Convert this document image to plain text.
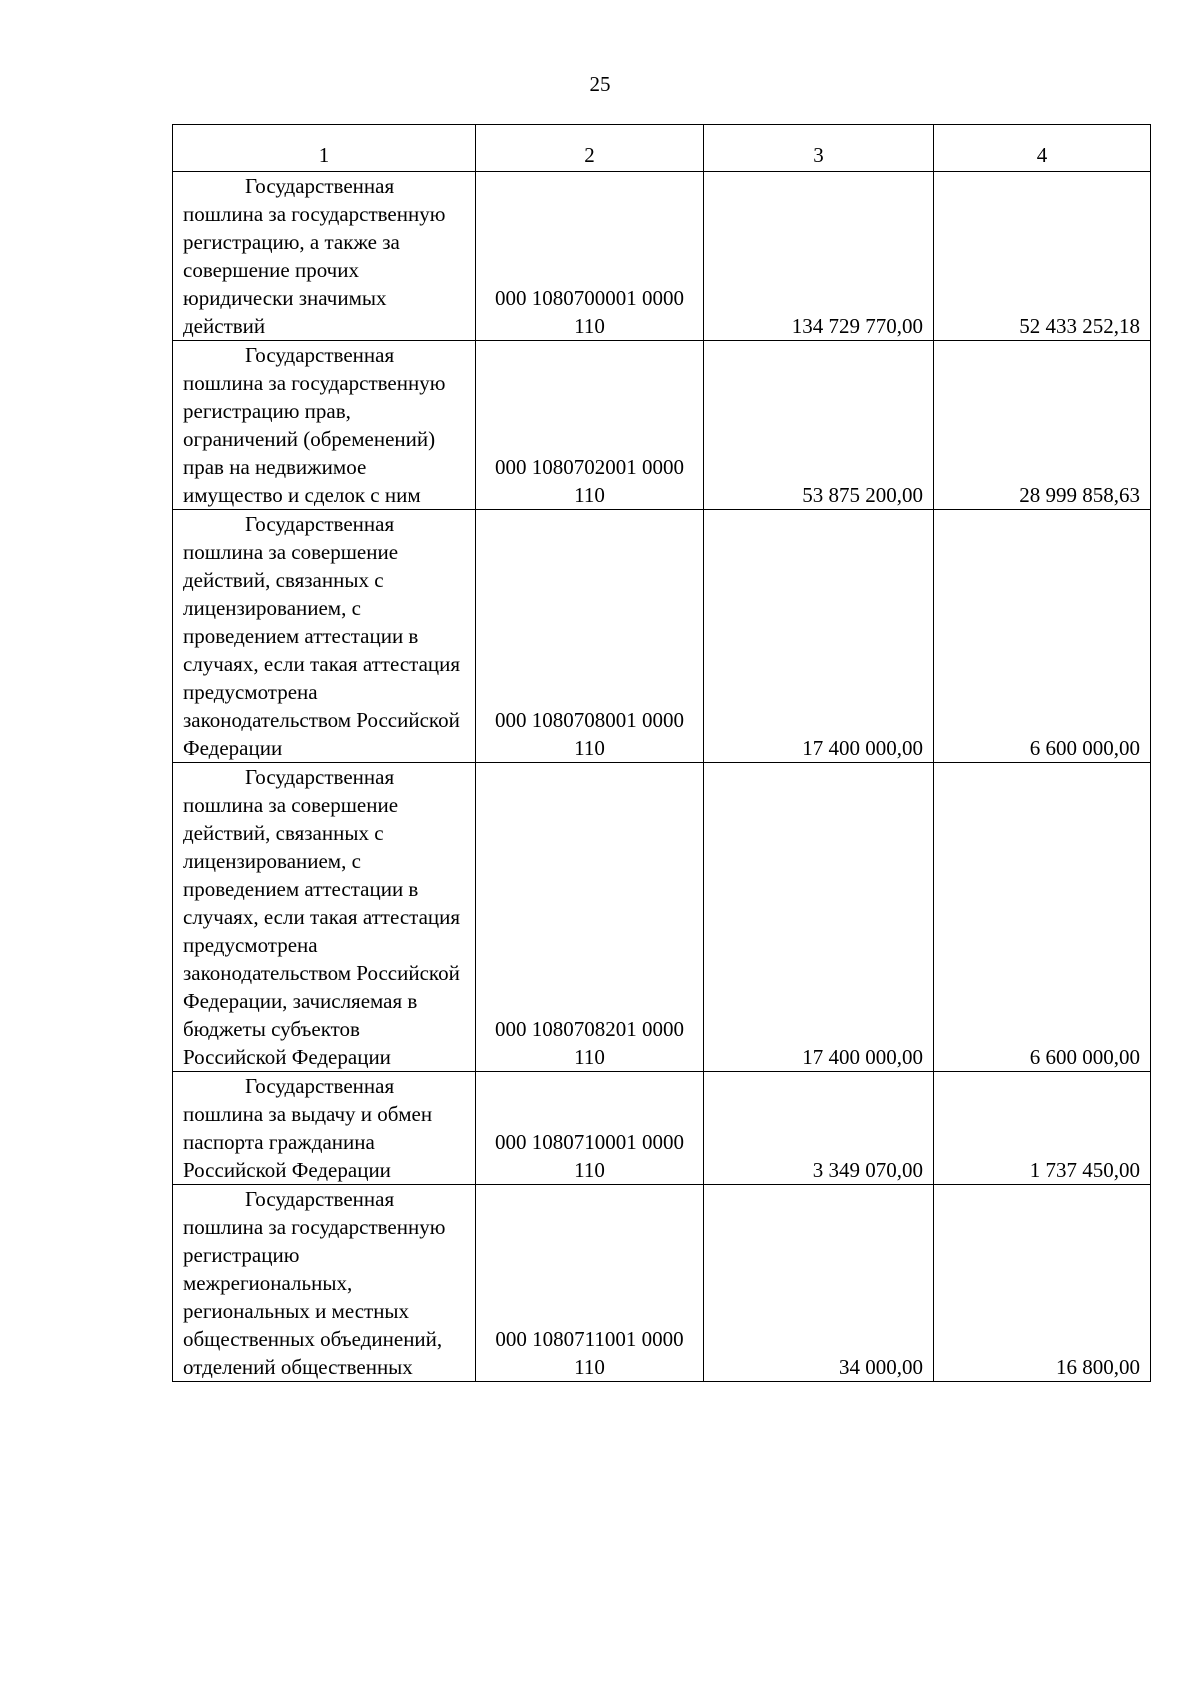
25
1	2	3	4

Государственная пошлина за государственную регистрацию, а также за совершение прочих юридически значимых действий	000 1080700001 0000 110	134 729 770,00	52 433 252,18

Государственная пошлина за государственную регистрацию прав, ограничений (обременений) прав на недвижимое имущество и сделок с ним	000 1080702001 0000 110	53 875 200,00	28 999 858,63

Государственная пошлина за совершение действий, связанных с лицензированием, с проведением аттестации в случаях, если такая аттестация предусмотрена законодательством Российской Федерации	000 1080708001 0000 110	17 400 000,00	6 600 000,00

Государственная пошлина за совершение действий, связанных с лицензированием, с проведением аттестации в случаях, если такая аттестация предусмотрена законодательством Российской Федерации, зачисляемая в бюджеты субъектов Российской Федерации	000 1080708201 0000 110	17 400 000,00	6 600 000,00

Государственная пошлина за выдачу и обмен паспорта гражданина Российской Федерации	000 1080710001 0000 110	3 349 070,00	1 737 450,00

Государственная пошлина за государственную регистрацию межрегиональных, региональных и местных общественных объединений, отделений общественных	000 1080711001 0000 110	34 000,00	16 800,00
